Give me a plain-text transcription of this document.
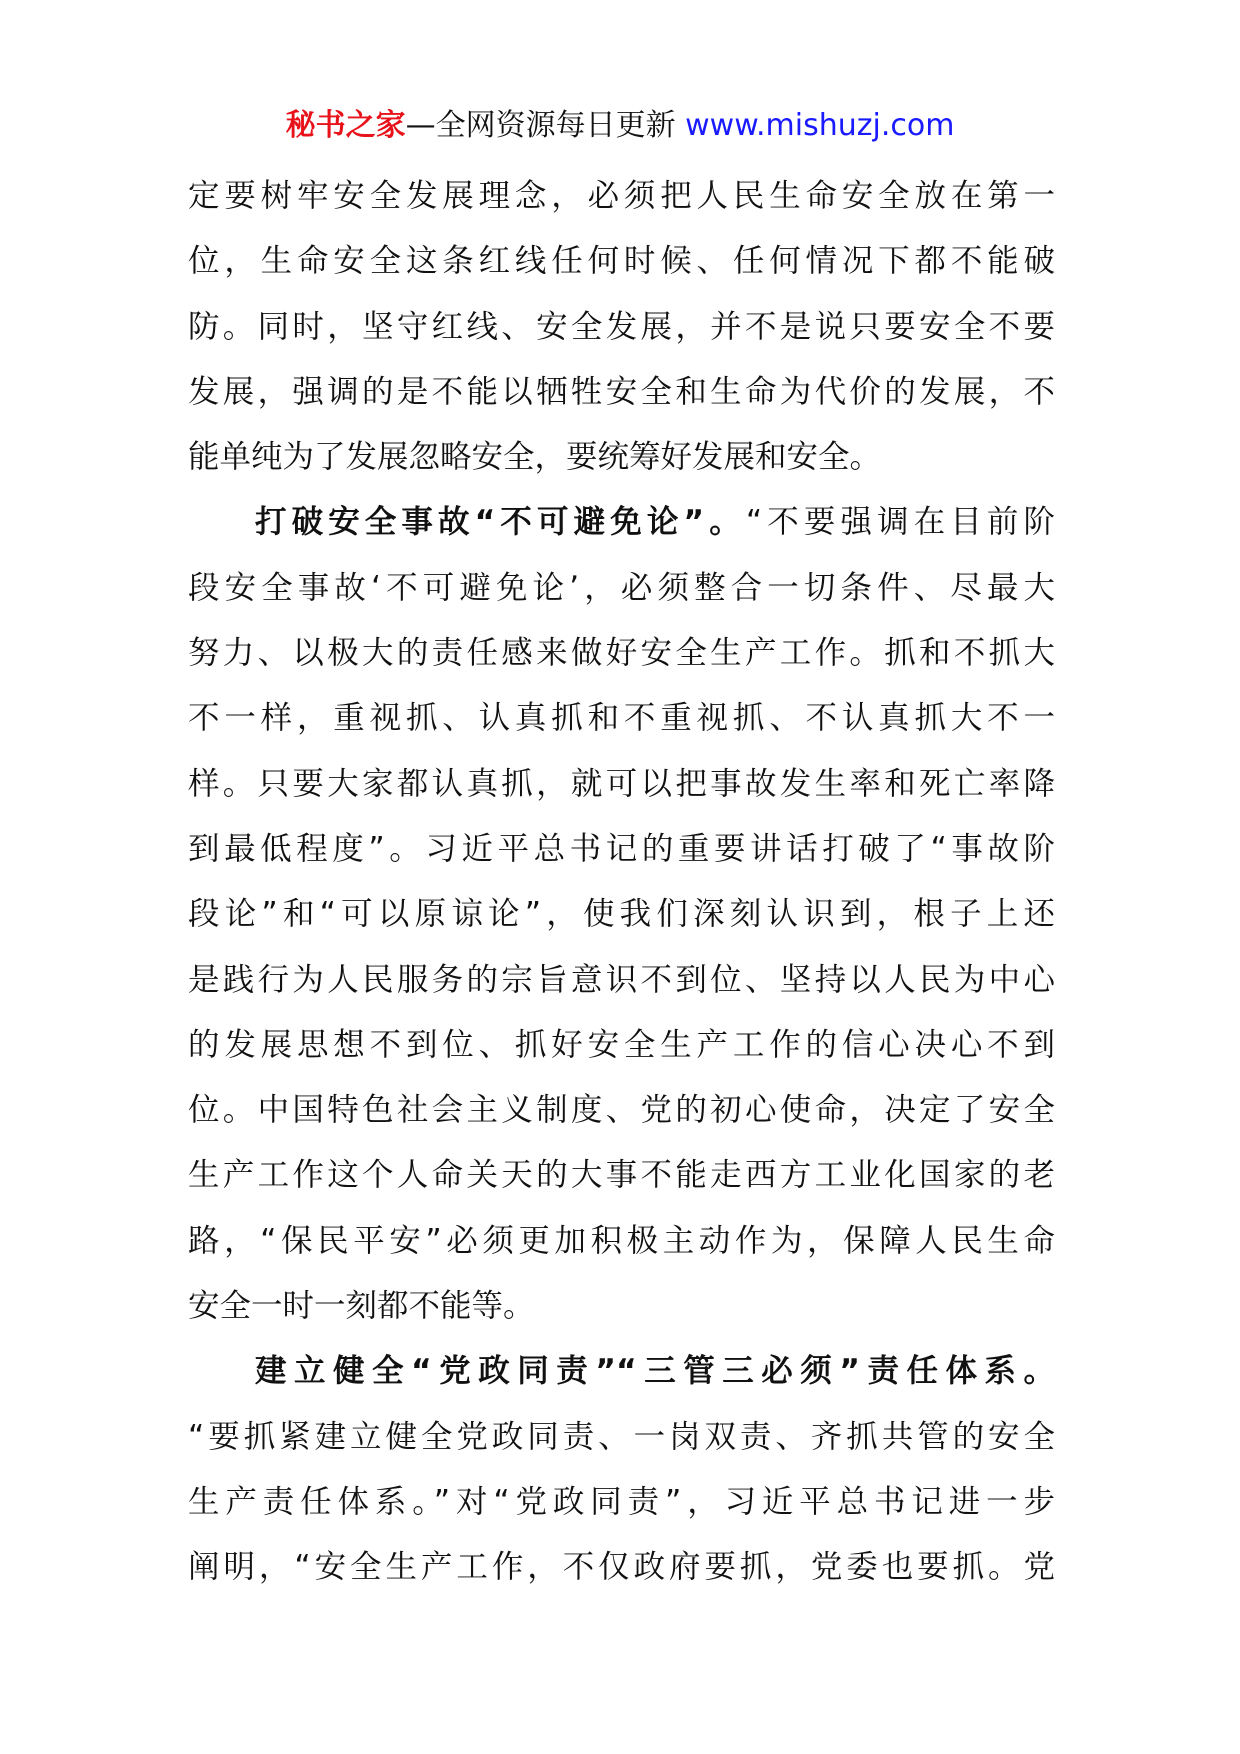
秘书之家—全网资源每日更新 www.mishuzj.com
定要树牢安全发展理念，必须把人民生命安全放在第一
位，生命安全这条红线任何时候、任何情况下都不能破
防。同时，坚守红线、安全发展，并不是说只要安全不要
发展，强调的是不能以牺牲安全和生命为代价的发展，不
能单纯为了发展忽略安全，要统筹好发展和安全。
打破安全事故“不可避免论”。“不要强调在目前阶
段安全事故‘不可避免论’，必须整合一切条件、尽最大
努力、以极大的责任感来做好安全生产工作。抓和不抓大
不一样，重视抓、认真抓和不重视抓、不认真抓大不一
样。只要大家都认真抓，就可以把事故发生率和死亡率降
到最低程度”。习近平总书记的重要讲话打破了“事故阶
段论”和“可以原谅论”，使我们深刻认识到，根子上还
是践行为人民服务的宗旨意识不到位、坚持以人民为中心
的发展思想不到位、抓好安全生产工作的信心决心不到
位。中国特色社会主义制度、党的初心使命，决定了安全
生产工作这个人命关天的大事不能走西方工业化国家的老
路，“保民平安”必须更加积极主动作为，保障人民生命
安全一时一刻都不能等。
建立健全“党政同责”“三管三必须”责任体系。
“要抓紧建立健全党政同责、一岗双责、齐抓共管的安全
生产责任体系。”对“党政同责”，习近平总书记进一步
阐明，“安全生产工作，不仅政府要抓，党委也要抓。党
